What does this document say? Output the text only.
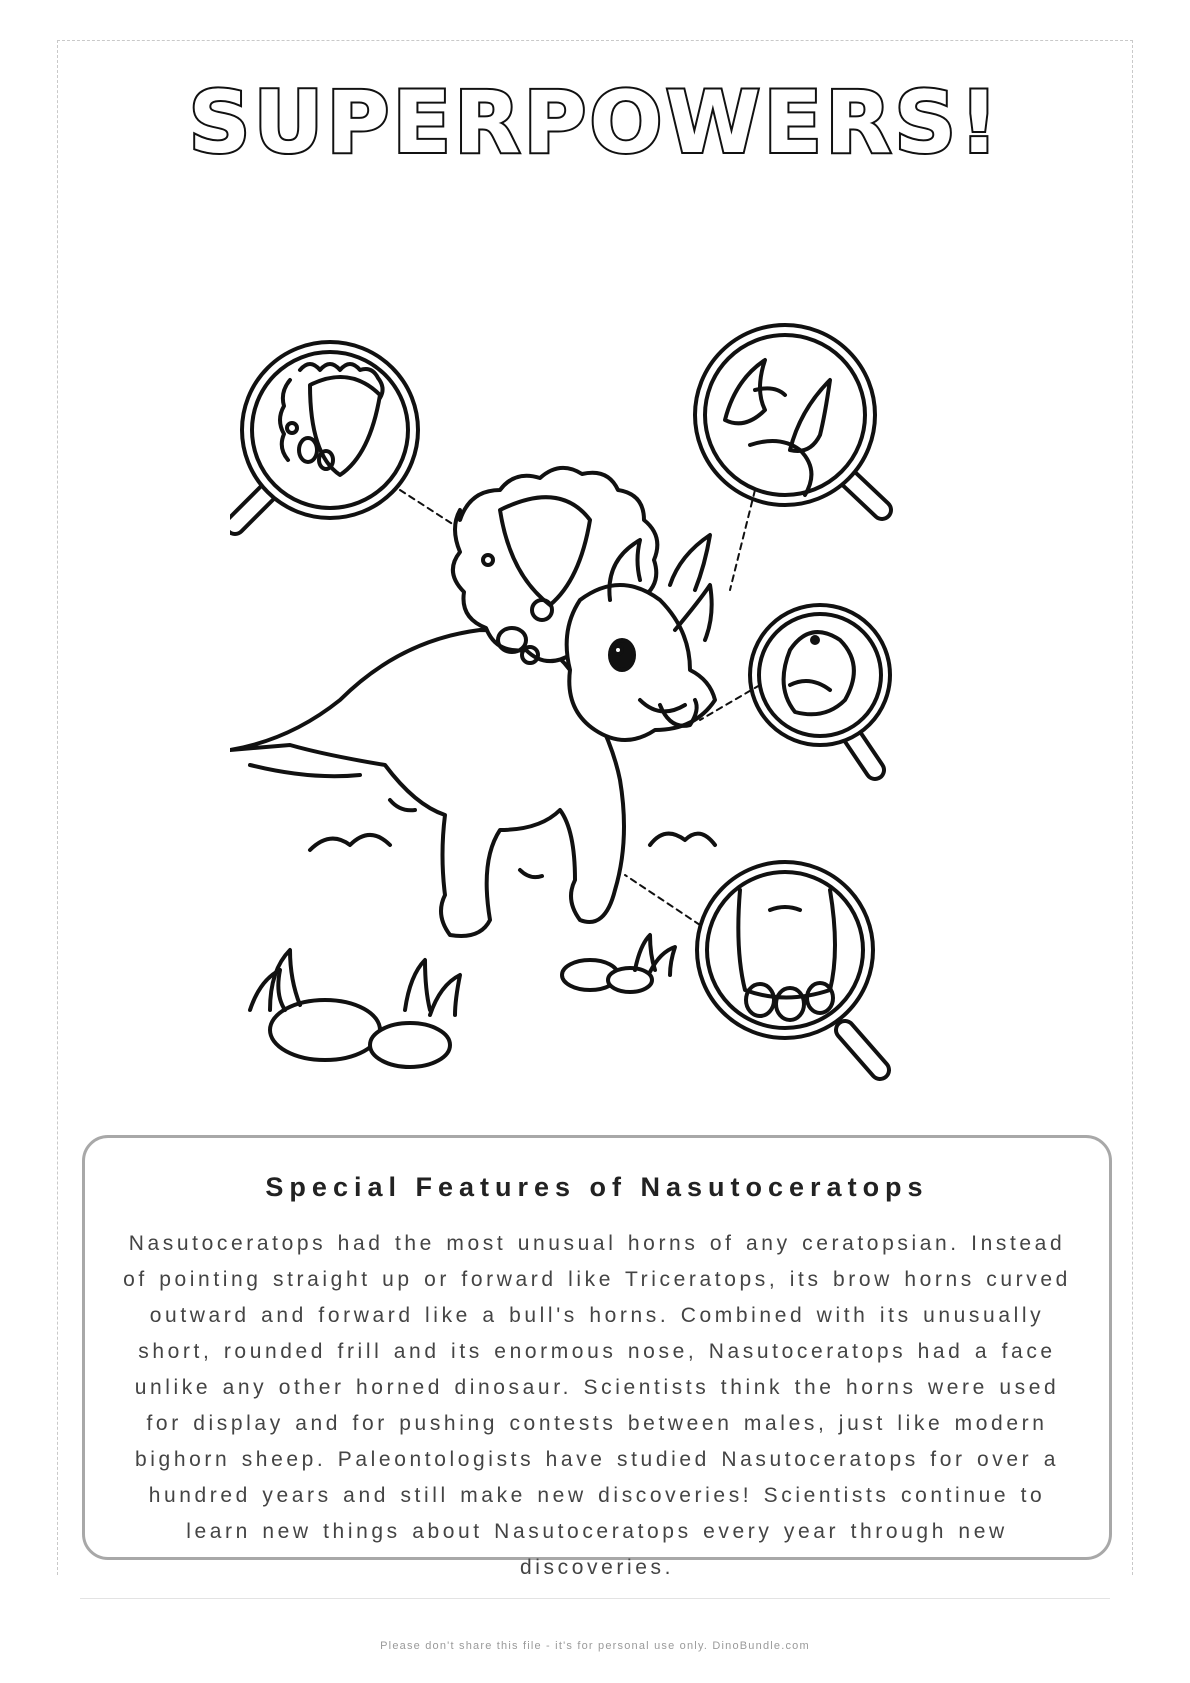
SUPERPOWERS!
Special Features of Nasutoceratops
Nasutoceratops had the most unusual horns of any ceratopsian. Instead of pointing straight up or forward like Triceratops, its brow horns curved outward and forward like a bull's horns. Combined with its unusually short, rounded frill and its enormous nose, Nasutoceratops had a face unlike any other horned dinosaur. Scientists think the horns were used for display and for pushing contests between males, just like modern bighorn sheep. Paleontologists have studied Nasutoceratops for over a hundred years and still make new discoveries! Scientists continue to learn new things about Nasutoceratops every year through new discoveries.
Please don't share this file - it's for personal use only. DinoBundle.com
